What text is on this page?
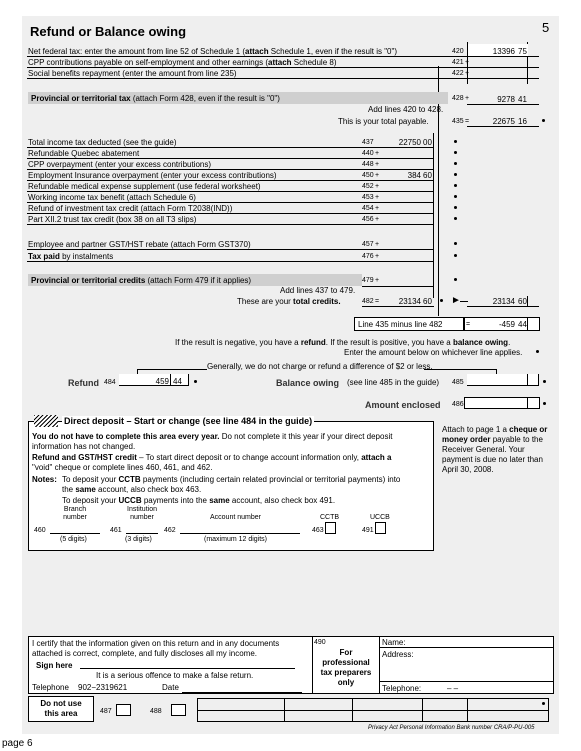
Refund or Balance owing	5
Net federal tax: enter the amount from line 52 of Schedule 1 (attach Schedule 1, even if the result is "0")	420	13396 75
CPP contributions payable on self-employment and other earnings (attach Schedule 8)	421 +
Social benefits repayment (enter the amount from line 235)	422 +
Provincial or territorial tax (attach Form 428, even if the result is "0")	428 +	9278 41
Add lines 420 to 428.
This is your total payable.	435 =	22675 16
Total income tax deducted (see the guide)	437	22750 00
Refundable Quebec abatement	440 +
CPP overpayment (enter your excess contributions)	448 +
Employment Insurance overpayment (enter your excess contributions)	450 +	384 60
Refundable medical expense supplement (use federal worksheet)	452 +
Working income tax benefit (attach Schedule 6)	453 +
Refund of investment tax credit (attach Form T2038(IND))	454 +
Part XII.2 trust tax credit (box 38 on all T3 slips)	456 +
Employee and partner GST/HST rebate (attach Form GST370)	457 +
Tax paid by instalments	476 +
Provincial or territorial credits (attach Form 479 if it applies)	479 +
Add lines 437 to 479.
These are your total credits.	482 =	23134 60 ►	23134 60
Line 435 minus line 482	=	-459 44
If the result is negative, you have a refund. If the result is positive, you have a balance owing.
Enter the amount below on whichever line applies.
Generally, we do not charge or refund a difference of $2 or less.
Refund 484	459 44	Balance owing (see line 485 in the guide) 485
Amount enclosed 486
Direct deposit – Start or change (see line 484 in the guide)
You do not have to complete this area every year. Do not complete it this year if your direct deposit
information has not changed.
Refund and GST/HST credit – To start direct deposit or to change account information only, attach a
"void" cheque or complete lines 460, 461, and 462.
Notes: To deposit your CCTB payments (including certain related provincial or territorial payments) into
the same account, also check box 463.
To deposit your UCCB payments into the same account, also check box 491.
Branch number
Institution number	Account number	CCTB	UCCB
460	461	462	463	491
(5 digits)	(3 digits)	(maximum 12 digits)
Attach to page 1 a cheque or
money order payable to the
Receiver General. Your
payment is due no later than
April 30, 2008.
I certify that the information given on this return and in any documents
attached is correct, complete, and fully discloses all my income.
Sign here
It is a serious offence to make a false return.
Telephone 902−2319621	Date
490
For
professional
tax preparers
only
Name:
Address:
Telephone:	– –
Do not use
this area	487	488
Privacy Act Personal Information Bank number CRA/P-PU-005
page 6
